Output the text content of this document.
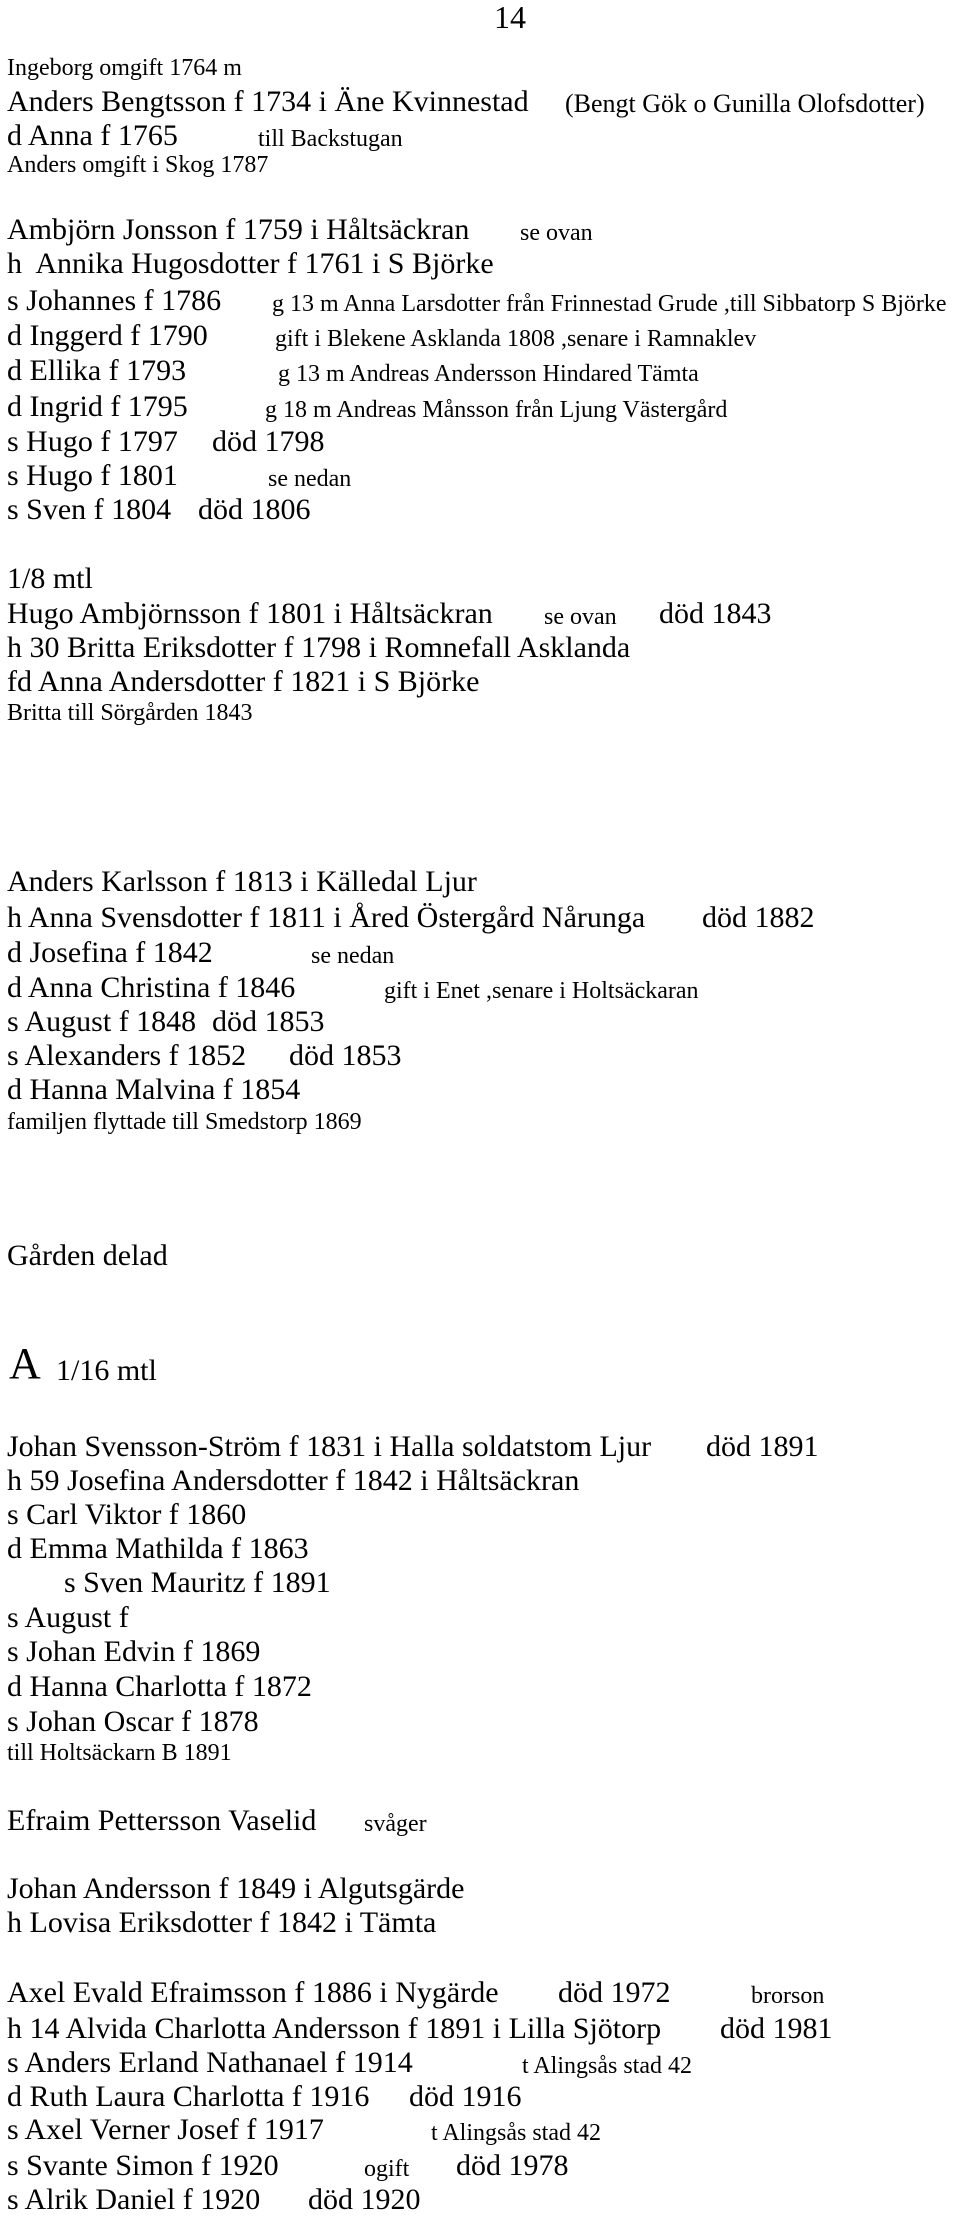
14
Ingeborg omgift 1764 m
Anders Bengtsson f 1734 i Äne Kvinnestad (Bengt Gök o Gunilla Olofsdotter)
d Anna f 1765	till Backstugan
Anders omgift i Skog 1787
Ambjörn Jonsson f 1759 i Håltsäckran se ovan
h  Annika Hugosdotter f 1761 i S Björke
s Johannes f 1786 g 13 m Anna Larsdotter från Frinnestad Grude ,till Sibbatorp S Björke
d Inggerd f 1790	gift i Blekene Asklanda 1808 ,senare i Ramnaklev
d Ellika f 1793	g 13 m Andreas Andersson Hindared Tämta
d Ingrid f 1795	g 18 m Andreas Månsson från Ljung Västergård
s Hugo f 1797 död 1798
s Hugo f 1801	se nedan
s Sven f 1804 död 1806
1/8 mtl
Hugo Ambjörnsson f 1801 i Håltsäckran se ovan död 1843
h 30 Britta Eriksdotter f 1798 i Romnefall Asklanda
fd Anna Andersdotter f 1821 i S Björke
Britta till Sörgården 1843
Anders Karlsson f 1813 i Källedal Ljur
h Anna Svensdotter f 1811 i Åred Östergård Nårunga död 1882
d Josefina f 1842	se nedan
d Anna Christina f 1846	gift i Enet ,senare i Holtsäckaran
s August f 1848 död 1853
s Alexanders f 1852 död 1853
d Hanna Malvina f 1854
familjen flyttade till Smedstorp 1869
Gården delad
A 1/16 mtl
Johan Svensson-Ström f 1831 i Halla soldatstom Ljur död 1891
h 59 Josefina Andersdotter f 1842 i Håltsäckran
s Carl Viktor f 1860
d Emma Mathilda f 1863
s Sven Mauritz f 1891
s August f
s Johan Edvin f 1869
d Hanna Charlotta f 1872
s Johan Oscar f 1878
till Holtsäckarn B 1891
Efraim Pettersson Vaselid svåger
Johan Andersson f 1849 i Algutsgärde
h Lovisa Eriksdotter f 1842 i Tämta
Axel Evald Efraimsson f 1886 i Nygärde död 1972	brorson
h 14 Alvida Charlotta Andersson f 1891 i Lilla Sjötorp död 1981
s Anders Erland Nathanael f 1914	t Alingsås stad 42
d Ruth Laura Charlotta f 1916 död 1916
s Axel Verner Josef f 1917	t Alingsås stad 42
s Svante Simon f 1920	ogift död 1978
s Alrik Daniel f 1920 död 1920
